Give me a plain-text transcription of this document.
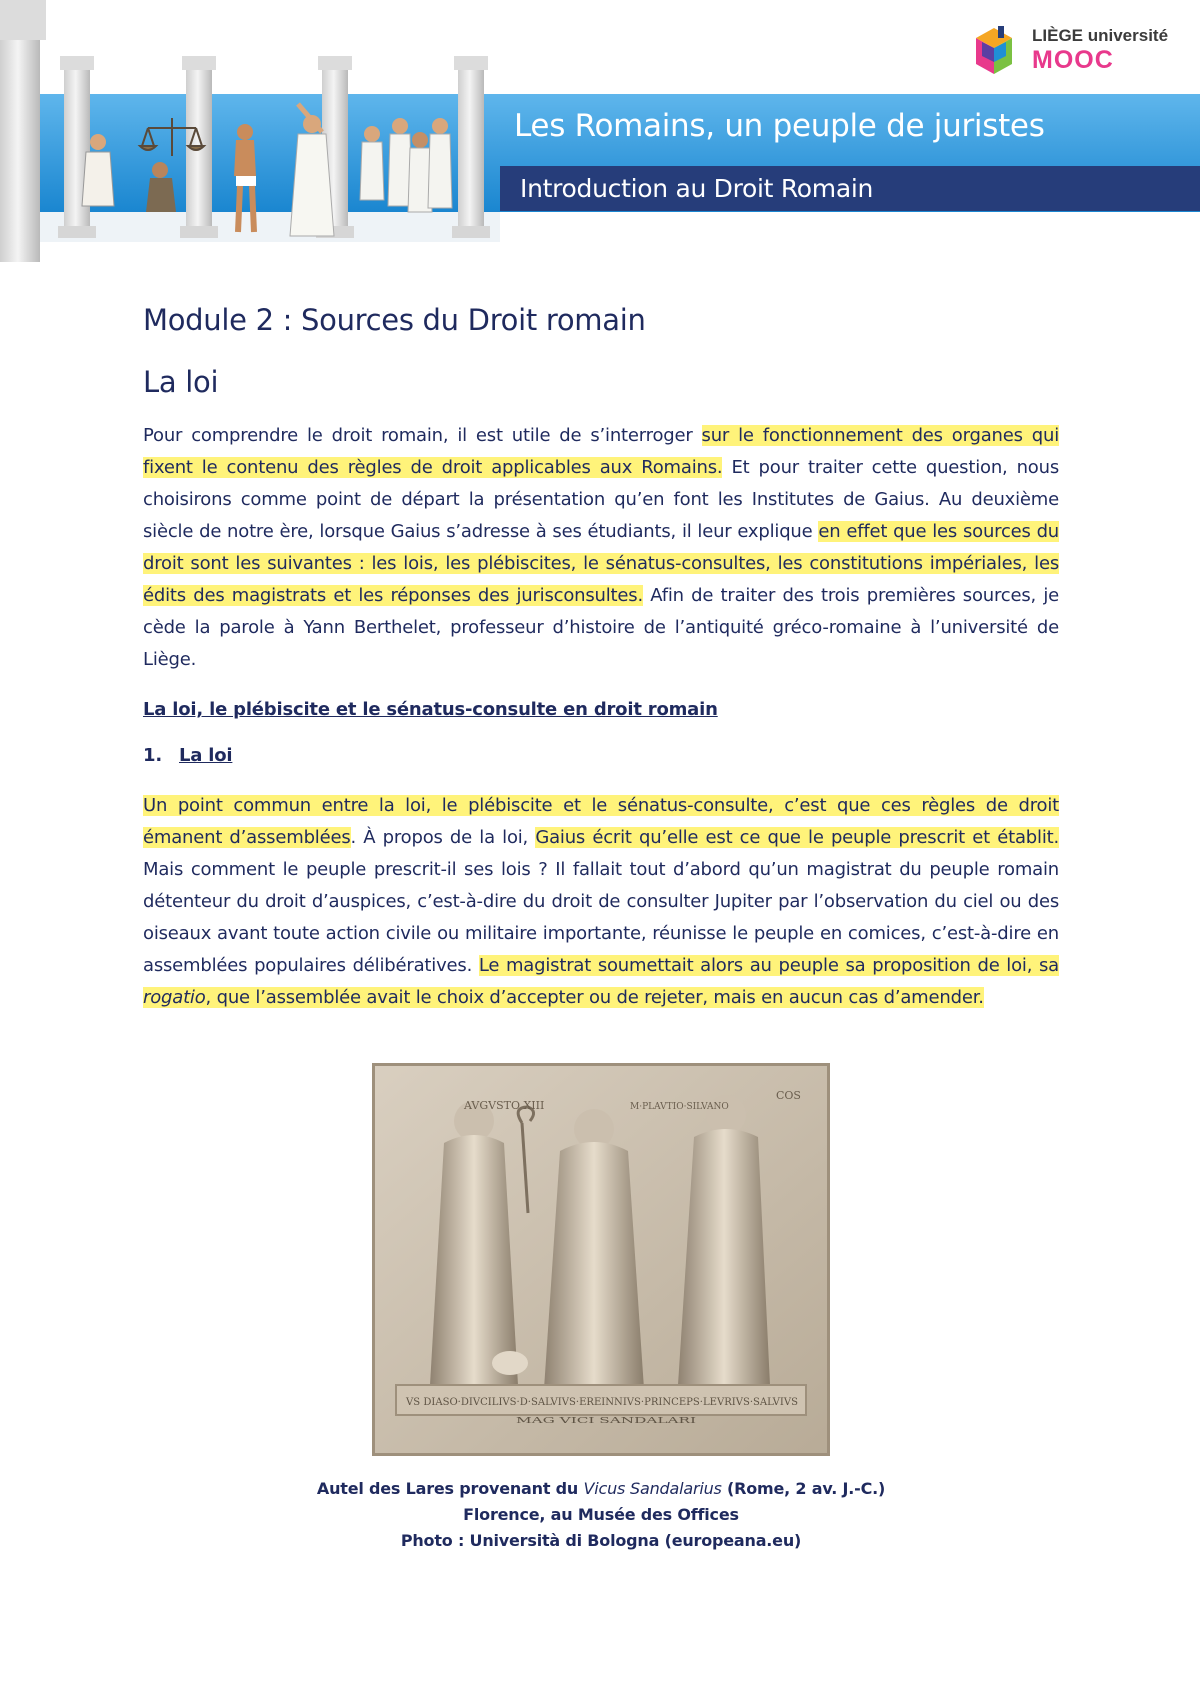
LIÈGE université
MOOC
Les Romains, un peuple de juristes
Introduction au Droit Romain
Module 2 : Sources du Droit romain
La loi

Pour comprendre le droit romain, il est utile de s’interroger sur le fonctionnement des organes qui fixent le contenu des règles de droit applicables aux Romains. Et pour traiter cette question, nous choisirons comme point de départ la présentation qu’en font les Institutes de Gaius. Au deuxième siècle de notre ère, lorsque Gaius s’adresse à ses étudiants, il leur explique en effet que les sources du droit sont les suivantes : les lois, les plébiscites, le sénatus-consultes, les constitutions impériales, les édits des magistrats et les réponses des jurisconsultes. Afin de traiter des trois premières sources, je cède la parole à Yann Berthelet, professeur d’histoire de l’antiquité gréco-romaine à l’université de Liège.

La loi, le plébiscite et le sénatus-consulte en droit romain
1. La loi

Un point commun entre la loi, le plébiscite et le sénatus-consulte, c’est que ces règles de droit émanent d’assemblées. À propos de la loi, Gaius écrit qu’elle est ce que le peuple prescrit et établit. Mais comment le peuple prescrit-il ses lois ? Il fallait tout d’abord qu’un magistrat du peuple romain détenteur du droit d’auspices, c’est-à-dire du droit de consulter Jupiter par l’observation du ciel ou des oiseaux avant toute action civile ou militaire importante, réunisse le peuple en comices, c’est-à-dire en assemblées populaires délibératives. Le magistrat soumettait alors au peuple sa proposition de loi, sa rogatio, que l’assemblée avait le choix d’accepter ou de rejeter, mais en aucun cas d’amender.

AVGVSTO XIII	M·PLAVTIO·SILVANO
COS
VS DIASO·DIVCILIVS·D·SALVIVS·EREINNIVS·PRINCEPS·LEVRIVS·SALVIVS
MAG VICI SANDALARI
Autel des Lares provenant du Vicus Sandalarius (Rome, 2 av. J.-C.)
Florence, au Musée des Offices
Photo : Università di Bologna (europeana.eu)
